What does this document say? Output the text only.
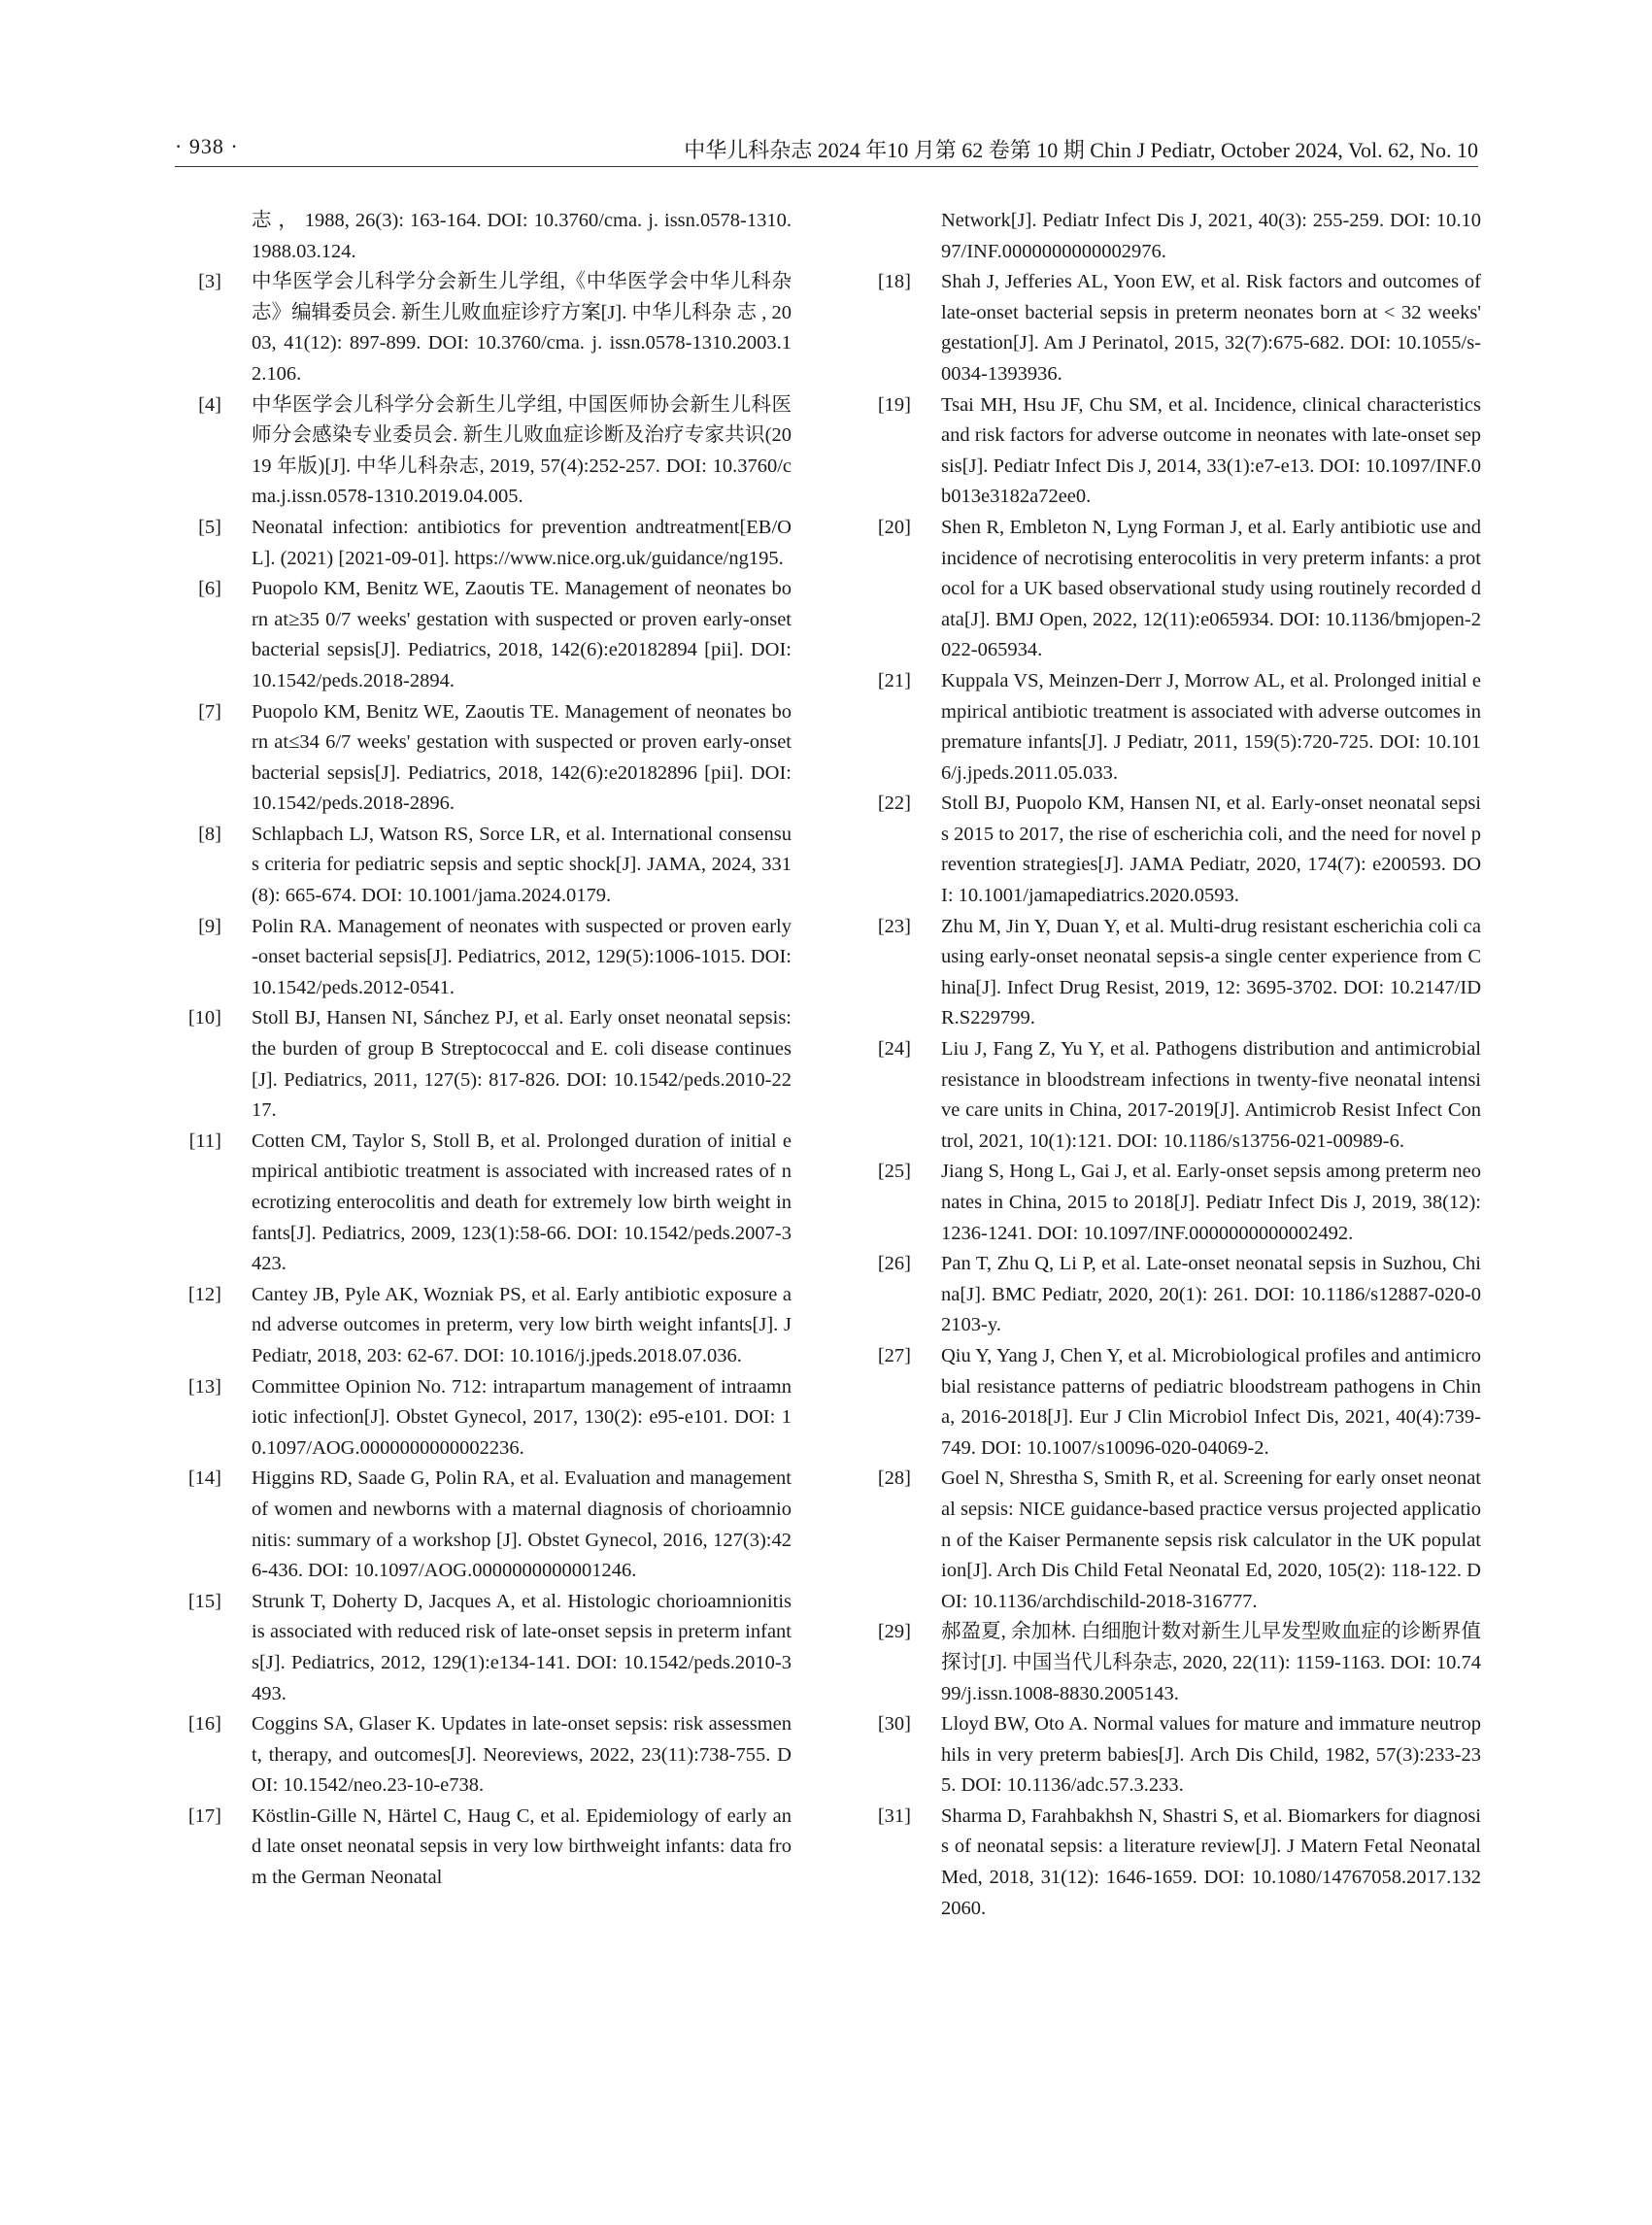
· 938 ·	中华儿科杂志 2024 年10 月第 62 卷第 10 期 Chin J Pediatr, October 2024, Vol. 62, No. 10
志 ， 1988, 26(3): 163-164. DOI: 10.3760/cma. j. issn.0578-1310.1988.03.124.
[3] 中华医学会儿科学分会新生儿学组,《中华医学会中华儿科杂志》编辑委员会. 新生儿败血症诊疗方案[J]. 中华儿科杂 志 , 2003, 41(12): 897-899. DOI: 10.3760/cma. j. issn.0578-1310.2003.12.106.
[4] 中华医学会儿科学分会新生儿学组, 中国医师协会新生儿科医师分会感染专业委员会. 新生儿败血症诊断及治疗专家共识(2019 年版)[J]. 中华儿科杂志, 2019, 57(4):252-257. DOI: 10.3760/cma.j.issn.0578-1310.2019.04.005.
[5] Neonatal infection: antibiotics for prevention andtreatment[EB/OL]. (2021) [2021-09-01]. https://www.nice.org.uk/guidance/ng195.
[6] Puopolo KM, Benitz WE, Zaoutis TE. Management of neonates born at≥35 0/7 weeks' gestation with suspected or proven early-onset bacterial sepsis[J]. Pediatrics, 2018, 142(6):e20182894 [pii]. DOI: 10.1542/peds.2018-2894.
[7] Puopolo KM, Benitz WE, Zaoutis TE. Management of neonates born at≤34 6/7 weeks' gestation with suspected or proven early-onset bacterial sepsis[J]. Pediatrics, 2018, 142(6):e20182896 [pii]. DOI: 10.1542/peds.2018-2896.
[8] Schlapbach LJ, Watson RS, Sorce LR, et al. International consensus criteria for pediatric sepsis and septic shock[J]. JAMA, 2024, 331(8): 665-674. DOI: 10.1001/jama.2024.0179.
[9] Polin RA. Management of neonates with suspected or proven early-onset bacterial sepsis[J]. Pediatrics, 2012, 129(5):1006-1015. DOI: 10.1542/peds.2012-0541.
[10] Stoll BJ, Hansen NI, Sánchez PJ, et al. Early onset neonatal sepsis: the burden of group B Streptococcal and E. coli disease continues[J]. Pediatrics, 2011, 127(5): 817-826. DOI: 10.1542/peds.2010-2217.
[11] Cotten CM, Taylor S, Stoll B, et al. Prolonged duration of initial empirical antibiotic treatment is associated with increased rates of necrotizing enterocolitis and death for extremely low birth weight infants[J]. Pediatrics, 2009, 123(1):58-66. DOI: 10.1542/peds.2007-3423.
[12] Cantey JB, Pyle AK, Wozniak PS, et al. Early antibiotic exposure and adverse outcomes in preterm, very low birth weight infants[J]. J Pediatr, 2018, 203: 62-67. DOI: 10.1016/j.jpeds.2018.07.036.
[13] Committee Opinion No. 712: intrapartum management of intraamniotic infection[J]. Obstet Gynecol, 2017, 130(2): e95-e101. DOI: 10.1097/AOG.0000000000002236.
[14] Higgins RD, Saade G, Polin RA, et al. Evaluation and management of women and newborns with a maternal diagnosis of chorioamnionitis: summary of a workshop [J]. Obstet Gynecol, 2016, 127(3):426-436. DOI: 10.1097/AOG.0000000000001246.
[15] Strunk T, Doherty D, Jacques A, et al. Histologic chorioamnionitis is associated with reduced risk of late-onset sepsis in preterm infants[J]. Pediatrics, 2012, 129(1):e134-141. DOI: 10.1542/peds.2010-3493.
[16] Coggins SA, Glaser K. Updates in late-onset sepsis: risk assessment, therapy, and outcomes[J]. Neoreviews, 2022, 23(11):738-755. DOI: 10.1542/neo.23-10-e738.
[17] Köstlin-Gille N, Härtel C, Haug C, et al. Epidemiology of early and late onset neonatal sepsis in very low birthweight infants: data from the German Neonatal
Network[J]. Pediatr Infect Dis J, 2021, 40(3): 255-259. DOI: 10.1097/INF.0000000000002976.
[18] Shah J, Jefferies AL, Yoon EW, et al. Risk factors and outcomes of late-onset bacterial sepsis in preterm neonates born at < 32 weeks' gestation[J]. Am J Perinatol, 2015, 32(7):675-682. DOI: 10.1055/s-0034-1393936.
[19] Tsai MH, Hsu JF, Chu SM, et al. Incidence, clinical characteristics and risk factors for adverse outcome in neonates with late-onset sepsis[J]. Pediatr Infect Dis J, 2014, 33(1):e7-e13. DOI: 10.1097/INF.0b013e3182a72ee0.
[20] Shen R, Embleton N, Lyng Forman J, et al. Early antibiotic use and incidence of necrotising enterocolitis in very preterm infants: a protocol for a UK based observational study using routinely recorded data[J]. BMJ Open, 2022, 12(11):e065934. DOI: 10.1136/bmjopen-2022-065934.
[21] Kuppala VS, Meinzen-Derr J, Morrow AL, et al. Prolonged initial empirical antibiotic treatment is associated with adverse outcomes in premature infants[J]. J Pediatr, 2011, 159(5):720-725. DOI: 10.1016/j.jpeds.2011.05.033.
[22] Stoll BJ, Puopolo KM, Hansen NI, et al. Early-onset neonatal sepsis 2015 to 2017, the rise of escherichia coli, and the need for novel prevention strategies[J]. JAMA Pediatr, 2020, 174(7): e200593. DOI: 10.1001/jamapediatrics.2020.0593.
[23] Zhu M, Jin Y, Duan Y, et al. Multi-drug resistant escherichia coli causing early-onset neonatal sepsis-a single center experience from China[J]. Infect Drug Resist, 2019, 12: 3695-3702. DOI: 10.2147/IDR.S229799.
[24] Liu J, Fang Z, Yu Y, et al. Pathogens distribution and antimicrobial resistance in bloodstream infections in twenty-five neonatal intensive care units in China, 2017-2019[J]. Antimicrob Resist Infect Control, 2021, 10(1):121. DOI: 10.1186/s13756-021-00989-6.
[25] Jiang S, Hong L, Gai J, et al. Early-onset sepsis among preterm neonates in China, 2015 to 2018[J]. Pediatr Infect Dis J, 2019, 38(12): 1236-1241. DOI: 10.1097/INF.0000000000002492.
[26] Pan T, Zhu Q, Li P, et al. Late-onset neonatal sepsis in Suzhou, China[J]. BMC Pediatr, 2020, 20(1): 261. DOI: 10.1186/s12887-020-02103-y.
[27] Qiu Y, Yang J, Chen Y, et al. Microbiological profiles and antimicrobial resistance patterns of pediatric bloodstream pathogens in China, 2016-2018[J]. Eur J Clin Microbiol Infect Dis, 2021, 40(4):739-749. DOI: 10.1007/s10096-020-04069-2.
[28] Goel N, Shrestha S, Smith R, et al. Screening for early onset neonatal sepsis: NICE guidance-based practice versus projected application of the Kaiser Permanente sepsis risk calculator in the UK population[J]. Arch Dis Child Fetal Neonatal Ed, 2020, 105(2): 118-122. DOI: 10.1136/archdischild-2018-316777.
[29] 郝盈夏, 余加林. 白细胞计数对新生儿早发型败血症的诊断界值探讨[J]. 中国当代儿科杂志, 2020, 22(11): 1159-1163. DOI: 10.7499/j.issn.1008-8830.2005143.
[30] Lloyd BW, Oto A. Normal values for mature and immature neutrophils in very preterm babies[J]. Arch Dis Child, 1982, 57(3):233-235. DOI: 10.1136/adc.57.3.233.
[31] Sharma D, Farahbakhsh N, Shastri S, et al. Biomarkers for diagnosis of neonatal sepsis: a literature review[J]. J Matern Fetal Neonatal Med, 2018, 31(12): 1646-1659. DOI: 10.1080/14767058.2017.1322060.
